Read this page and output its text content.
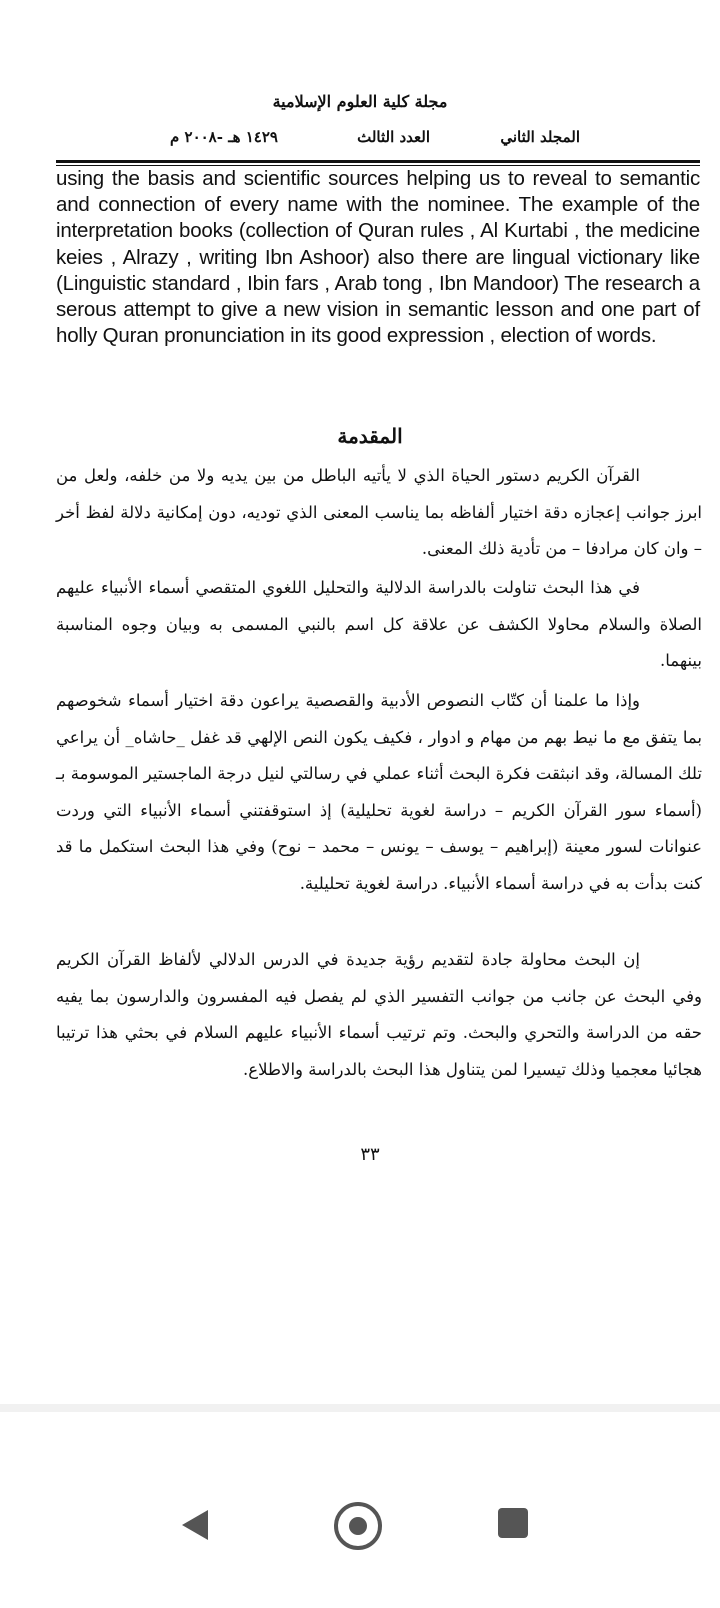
مجلة كلية العلوم الإسلامية
المجلد الثاني
العدد الثالث
١٤٢٩ هـ -٢٠٠٨ م

using the basis and scientific sources helping us to reveal to semantic and connection of every name with the nominee. The example of the interpretation books (collection of Quran rules , Al Kurtabi , the medicine keies , Alrazy , writing Ibn Ashoor) also there are lingual victionary like (Linguistic standard , Ibin fars , Arab tong , Ibn Mandoor) The research a serous attempt to give a new vision in semantic lesson and one part of holly Quran pronunciation in its good expression , election of words.

المقدمة

القرآن الكريم دستور الحياة الذي لا يأتيه الباطل من بين يديه ولا من خلفه، ولعل من ابرز جوانب إعجازه دقة اختيار ألفاظه بما يناسب المعنى الذي توديه، دون إمكانية دلالة لفظ أخر – وان كان مرادفا – من تأدية ذلك المعنى.

في هذا البحث تناولت بالدراسة الدلالية والتحليل اللغوي المتقصي أسماء الأنبياء عليهم الصلاة والسلام محاولا الكشف عن علاقة كل اسم بالنبي المسمى به وبيان وجوه المناسبة بينهما.

وإذا ما علمنا أن كتّاب النصوص الأدبية والقصصية يراعون دقة اختيار أسماء شخوصهم بما يتفق مع ما نيط بهم من مهام و ادوار ، فكيف يكون النص الإلهي قد غفل _حاشاه_ أن يراعي تلك المسالة، وقد انبثقت فكرة البحث أثناء عملي في رسالتي لنيل درجة الماجستير الموسومة بـ (أسماء سور القرآن الكريم – دراسة لغوية تحليلية) إذ استوقفتني أسماء الأنبياء التي وردت عنوانات لسور معينة (إبراهيم – يوسف – يونس – محمد – نوح) وفي هذا البحث استكمل ما قد كنت بدأت به في دراسة أسماء الأنبياء. دراسة لغوية تحليلية.

إن البحث محاولة جادة لتقديم رؤية جديدة في الدرس الدلالي لألفاظ القرآن الكريم وفي البحث عن جانب من جوانب التفسير الذي لم يفصل فيه المفسرون والدارسون بما يفيه حقه من الدراسة والتحري والبحث. وتم ترتيب أسماء الأنبياء عليهم السلام في بحثي هذا ترتيبا هجائيا معجميا وذلك تيسيرا لمن يتناول هذا البحث بالدراسة والاطلاع.

٣٣
